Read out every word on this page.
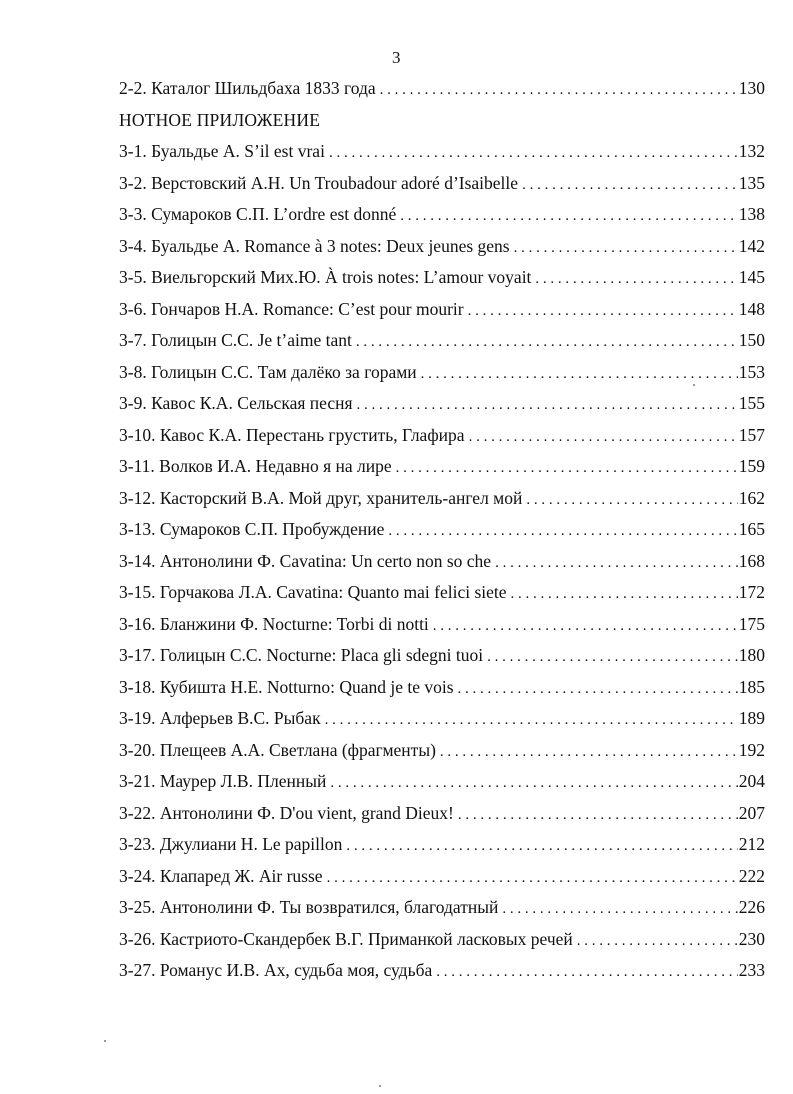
3
2-2. Каталог Шильдбаха 1833 года . . .	130
НОТНОЕ ПРИЛОЖЕНИЕ
3-1. Буальдье А. S’il est vrai . . .	132
3-2. Верстовский А.Н. Un Troubadour adoré d’Isaibelle . . .	135
3-3. Сумароков С.П. L’ordre est donné . . .	138
3-4. Буальдье А. Romance à 3 notes: Deux jeunes gens . . .	142
3-5. Виельгорский Мих.Ю. À trois notes: L’amour voyait . . .	145
3-6. Гончаров Н.А. Romance: C’est pour mourir . . .	148
3-7. Голицын С.С. Je t’aime tant . . .	150
3-8. Голицын С.С. Там далёко за горами . . .	153
3-9. Кавос К.А. Сельская песня . . .	155
3-10. Кавос К.А. Перестань грустить, Глафира . . .	157
3-11. Волков И.А. Недавно я на лире . . .	159
3-12. Касторский В.А. Мой друг, хранитель-ангел мой . . .	162
3-13. Сумароков С.П. Пробуждение . . .	165
3-14. Антонолини Ф. Cavatina: Un certo non so che . . .	168
3-15. Горчакова Л.А. Cavatina: Quanto mai felici siete . . .	172
3-16. Бланжини Ф. Nocturne: Torbi di notti . . .	175
3-17. Голицын С.С. Nocturne: Placa gli sdegni tuoi . . .	180
3-18. Кубишта Н.Е. Notturno: Quand je te vois . . .	185
3-19. Алферьев В.С. Рыбак . . .	189
3-20. Плещеев А.А. Светлана (фрагменты) . . .	192
3-21. Маурер Л.В. Пленный . . .	204
3-22. Антонолини Ф. D'ou vient, grand Dieux! . . .	207
3-23. Джулиани Н. Le papillon . . .	212
3-24. Клапаред Ж. Air russe . . .	222
3-25. Антонолини Ф. Ты возвратился, благодатный . . .	226
3-26. Кастриото-Скандербек В.Г. Приманкой ласковых речей . . .	230
3-27. Романус И.В. Ах, судьба моя, судьба . . .	233
